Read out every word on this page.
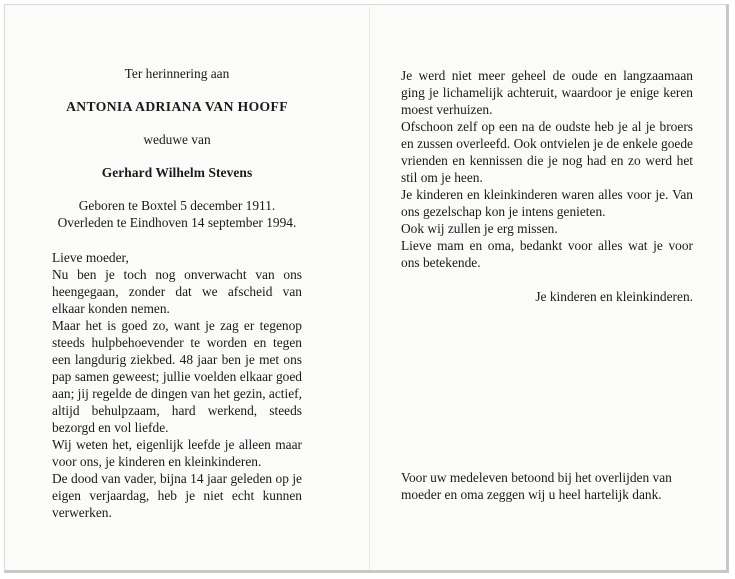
Ter herinnering aan
ANTONIA ADRIANA VAN HOOFF
weduwe van
Gerhard Wilhelm Stevens
Geboren te Boxtel 5 december 1911.
Overleden te Eindhoven 14 september 1994.

Lieve moeder,

Nu ben je toch nog onverwacht van ons heengegaan, zonder dat we afscheid van elkaar konden nemen.

Maar het is goed zo, want je zag er tegenop steeds hulpbehoevender te worden en tegen een langdurig ziekbed. 48 jaar ben je met ons pap samen geweest; jullie voelden elkaar goed aan; jij regelde de dingen van het gezin, actief, altijd behulpzaam, hard werkend, steeds bezorgd en vol liefde.

Wij weten het, eigenlijk leefde je alleen maar voor ons, je kinderen en kleinkinderen.

De dood van vader, bijna 14 jaar geleden op je eigen verjaardag, heb je niet echt kunnen verwerken.

Je werd niet meer geheel de oude en langzaamaan ging je lichamelijk achteruit, waardoor je enige keren moest verhuizen.

Ofschoon zelf op een na de oudste heb je al je broers en zussen overleefd. Ook ontvielen je de enkele goede vrienden en kennissen die je nog had en zo werd het stil om je heen.

Je kinderen en kleinkinderen waren alles voor je. Van ons gezelschap kon je intens genieten.

Ook wij zullen je erg missen.

Lieve mam en oma, bedankt voor alles wat je voor ons betekende.

Je kinderen en kleinkinderen.
Voor uw medeleven betoond bij het overlijden van moeder en oma zeggen wij u heel hartelijk dank.
